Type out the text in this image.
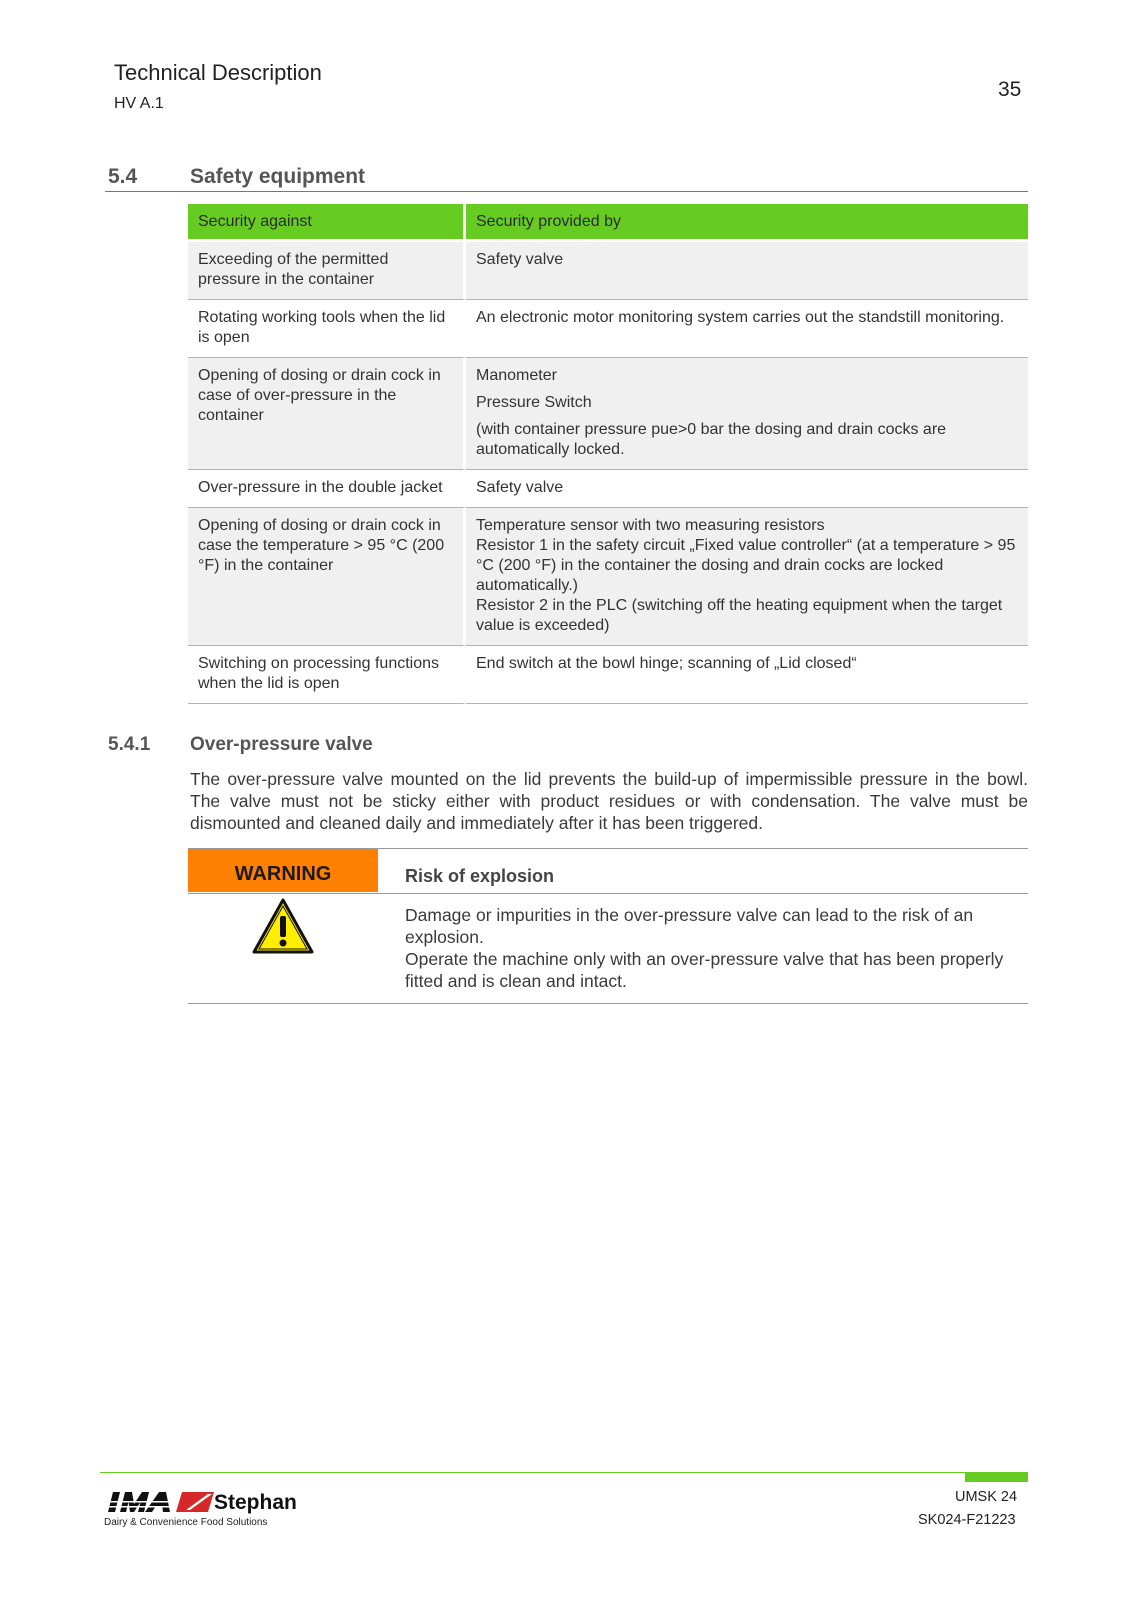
Technical Description
HV A.1
35
5.4	Safety equipment
Security against	Security provided by
Exceeding of the permitted pressure in the container	Safety valve

Rotating working tools when the lid is open	An electronic motor monitoring system carries out the standstill monitoring.

Opening of dosing or drain cock in case of over-pressure in the container	Manometer
Pressure Switch
(with container pressure pue>0 bar the dosing and drain cocks are automatically locked.

Over-pressure in the double jacket	Safety valve

Opening of dosing or drain cock in case the temperature > 95 °C (200 °F) in the container	Temperature sensor with two measuring resistors
Resistor 1 in the safety circuit „Fixed value controller“ (at a temperature > 95 °C (200 °F) in the container the dosing and drain cocks are locked automatically.)
Resistor 2 in the PLC (switching off the heating equipment when the target value is exceeded)

Switching on processing functions when the lid is open	End switch at the bowl hinge; scanning of „Lid closed“
5.4.1 Over-pressure valve
The over-pressure valve mounted on the lid prevents the build-up of impermissible pressure in the bowl. The valve must not be sticky either with product residues or with condensation. The valve must be dismounted and cleaned daily and immediately after it has been triggered.
WARNING	Risk of explosion
Damage or impurities in the over-pressure valve can lead to the risk of an explosion.
Operate the machine only with an over-pressure valve that has been properly fitted and is clean and intact.
Stephan
Dairy & Convenience Food Solutions
UMSK 24
SK024-F21223
